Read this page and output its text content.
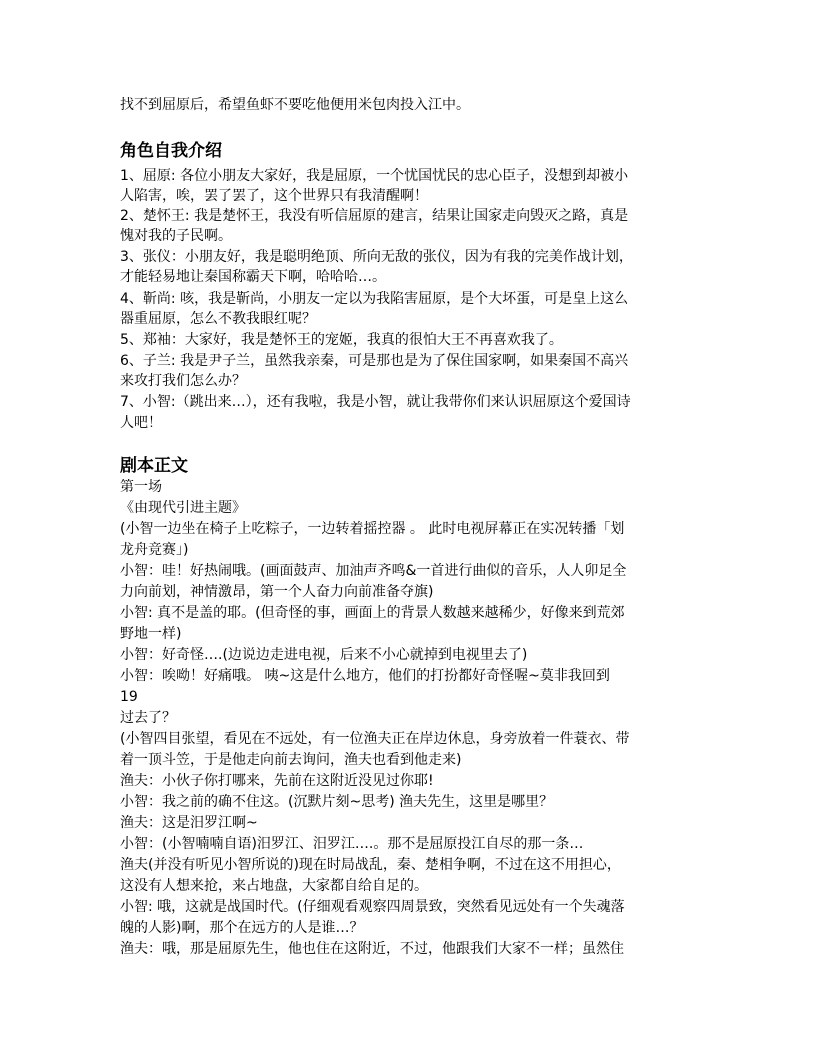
找不到屈原后，希望鱼虾不要吃他便用米包肉投入江中。

角色自我介绍

1、屈原: 各位小朋友大家好，我是屈原，一个忧国忧民的忠心臣子，没想到却被小

人陷害，唉，罢了罢了，这个世界只有我清醒啊！

2、楚怀王: 我是楚怀王，我没有听信屈原的建言，结果让国家走向毁灭之路，真是

愧对我的子民啊。

3、张仪：小朋友好，我是聪明绝顶、所向无敌的张仪，因为有我的完美作战计划，

才能轻易地让秦国称霸天下啊，哈哈哈…。

4、靳尚: 咳，我是靳尚，小朋友一定以为我陷害屈原，是个大坏蛋，可是皇上这么

器重屈原，怎么不教我眼红呢？

5、郑袖：大家好，我是楚怀王的宠姬，我真的很怕大王不再喜欢我了。

6、子兰: 我是尹子兰，虽然我亲秦，可是那也是为了保住国家啊，如果秦国不高兴

来攻打我们怎么办？

7、小智:（跳出来…），还有我啦，我是小智，就让我带你们来认识屈原这个爱国诗

人吧！

剧本正文

第一场

《由现代引进主题》

(小智一边坐在椅子上吃粽子，一边转着摇控器 。 此时电视屏幕正在实况转播「划

龙舟竞赛」)

小智：哇！好热闹哦。(画面鼓声、加油声齐鸣&一首进行曲似的音乐，人人卯足全

力向前划，神情激昂，第一个人奋力向前准备夺旗)

小智: 真不是盖的耶。(但奇怪的事，画面上的背景人数越来越稀少，好像来到荒郊

野地一样)

小智：好奇怪….(边说边走进电视，后来不小心就掉到电视里去了)

小智：唉呦！好痛哦。 咦~这是什么地方，他们的打扮都好奇怪喔~莫非我回到

19

过去了？

(小智四目张望，看见在不远处，有一位渔夫正在岸边休息，身旁放着一件蓑衣、带

着一顶斗笠，于是他走向前去询问，渔夫也看到他走来)

渔夫：小伙子你打哪来，先前在这附近没见过你耶!

小智：我之前的确不住这。(沉默片刻~思考) 渔夫先生，这里是哪里？

渔夫：这是汨罗江啊~

小智：(小智喃喃自语)汨罗江、汨罗江….。那不是屈原投江自尽的那一条…

渔夫(并没有听见小智所说的)现在时局战乱，秦、楚相争啊，不过在这不用担心，

这没有人想来抢，来占地盘，大家都自给自足的。

小智: 哦，这就是战国时代。(仔细观看观察四周景致，突然看见远处有一个失魂落

魄的人影)啊，那个在远方的人是谁…？

渔夫：哦，那是屈原先生，他也住在这附近，不过，他跟我们大家不一样；虽然住
